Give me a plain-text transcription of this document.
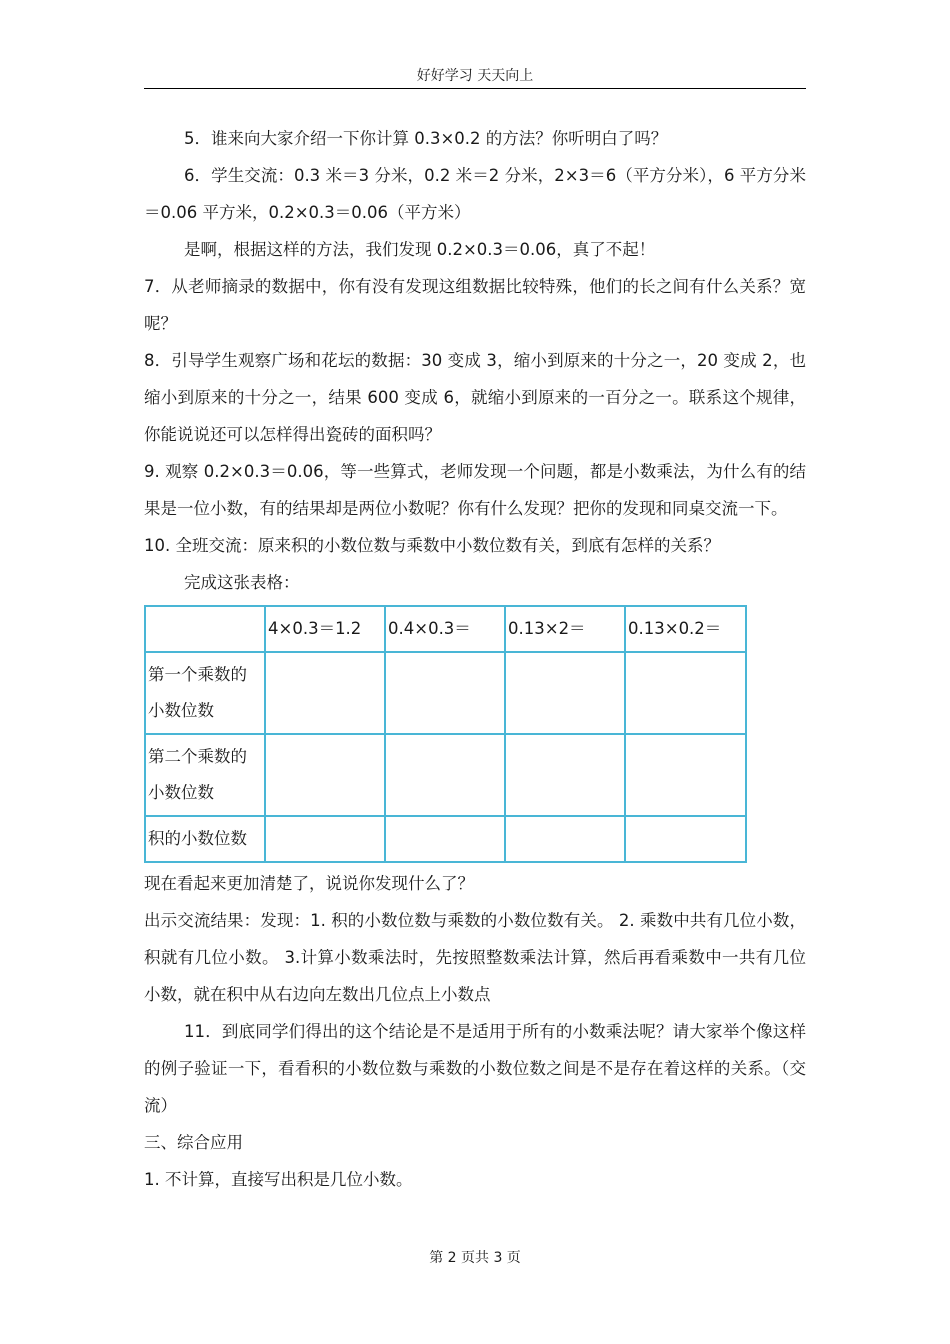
好好学习 天天向上

5．谁来向大家介绍一下你计算 0.3×0.2 的方法？你听明白了吗？

6．学生交流：0.3 米＝3 分米，0.2 米＝2 分米，2×3＝6（平方分米），6 平方分米＝0.06 平方米，0.2×0.3＝0.06（平方米）

是啊，根据这样的方法，我们发现 0.2×0.3＝0.06，真了不起！

7．从老师摘录的数据中，你有没有发现这组数据比较特殊，他们的长之间有什么关系？宽呢？

8．引导学生观察广场和花坛的数据：30 变成 3，缩小到原来的十分之一，20 变成 2，也缩小到原来的十分之一，结果 600 变成 6，就缩小到原来的一百分之一。联系这个规律，你能说说还可以怎样得出瓷砖的面积吗？

9. 观察 0.2×0.3＝0.06，等一些算式，老师发现一个问题，都是小数乘法，为什么有的结果是一位小数，有的结果却是两位小数呢？你有什么发现？把你的发现和同桌交流一下。

10. 全班交流：原来积的小数位数与乘数中小数位数有关，到底有怎样的关系？

完成这张表格：

	4×0.3＝1.2	0.4×0.3＝	0.13×2＝	0.13×0.2＝
第一个乘数的小数位数				
第二个乘数的小数位数				
积的小数位数				

现在看起来更加清楚了，说说你发现什么了？

出示交流结果：发现：1. 积的小数位数与乘数的小数位数有关。 2. 乘数中共有几位小数，积就有几位小数。 3.计算小数乘法时，先按照整数乘法计算，然后再看乘数中一共有几位小数，就在积中从右边向左数出几位点上小数点

11．到底同学们得出的这个结论是不是适用于所有的小数乘法呢？请大家举个像这样的例子验证一下，看看积的小数位数与乘数的小数位数之间是不是存在着这样的关系。（交流）

三、综合应用

1. 不计算，直接写出积是几位小数。

第 2 页共 3 页
